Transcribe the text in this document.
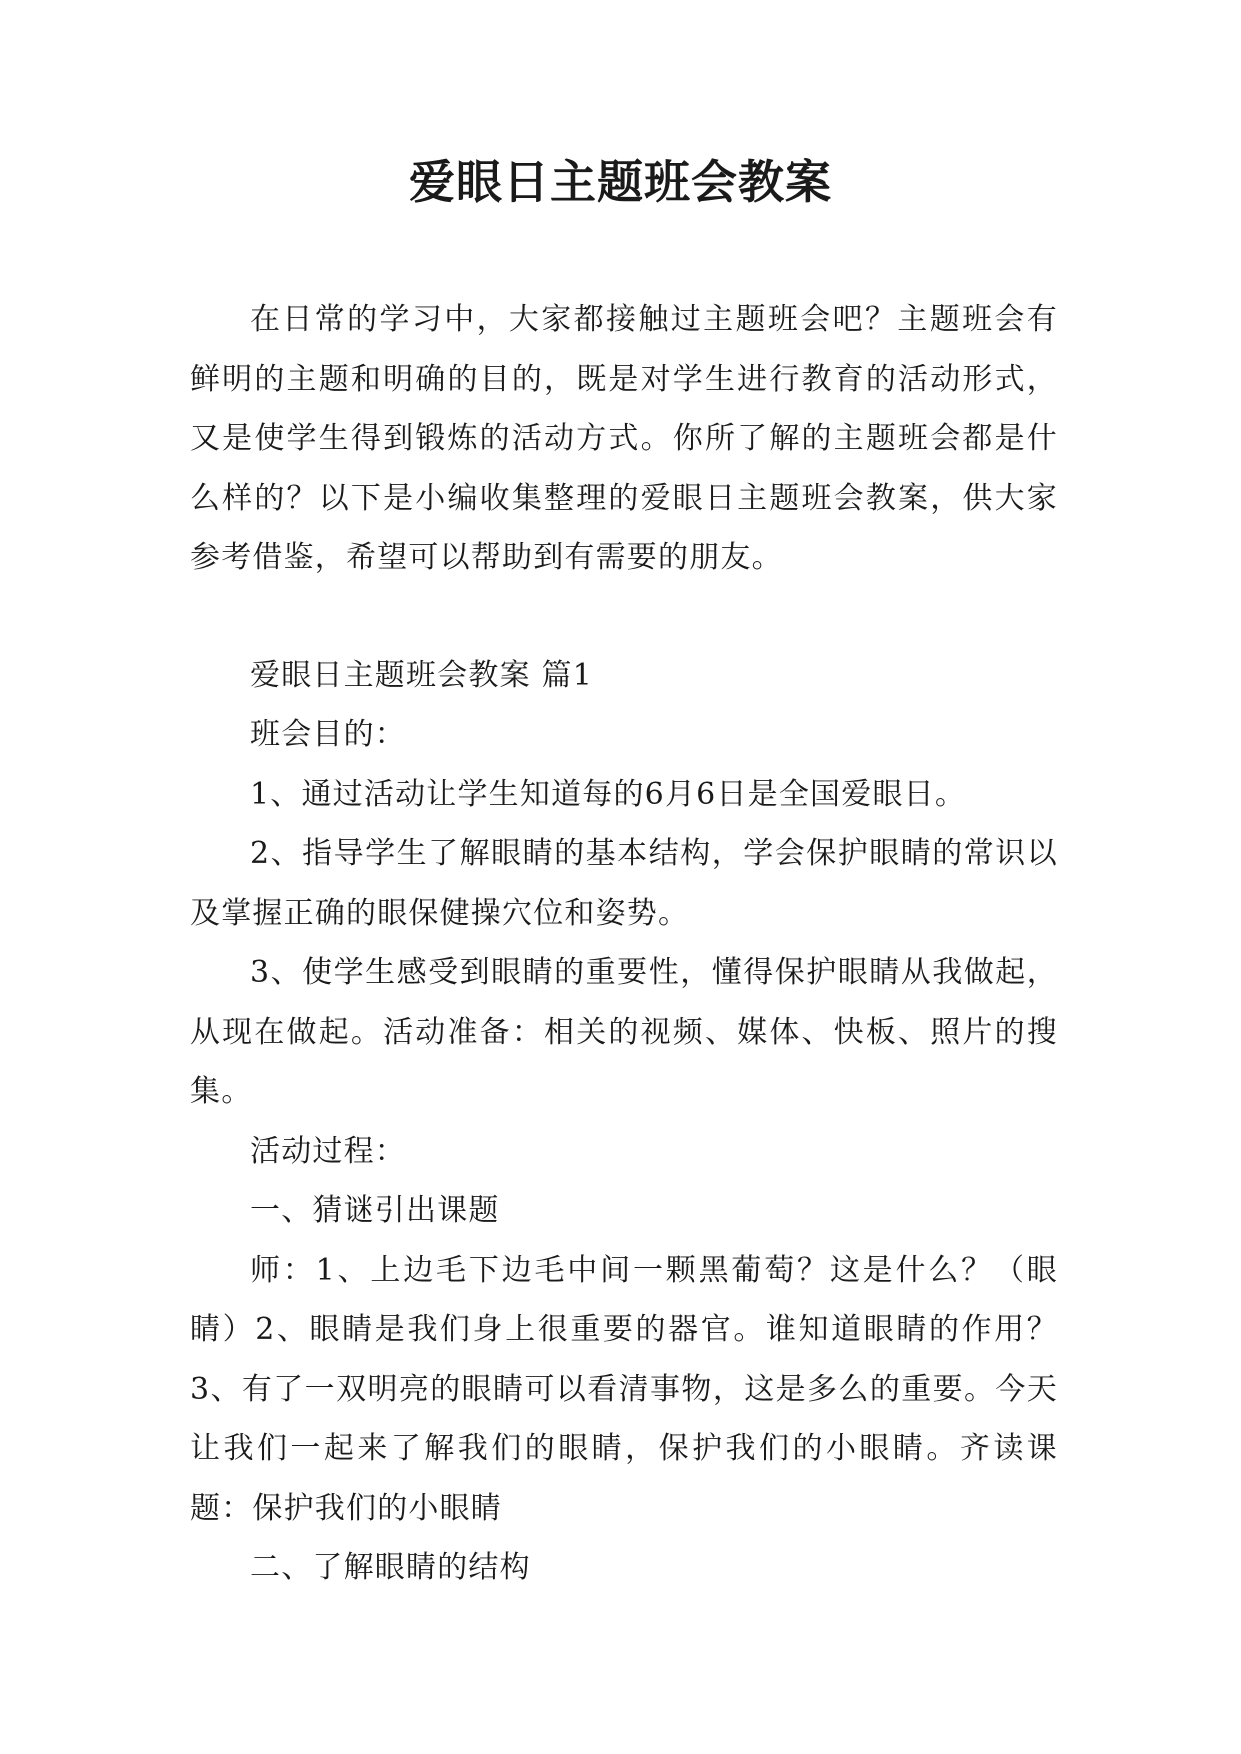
爱眼日主题班会教案

在日常的学习中，大家都接触过主题班会吧？主题班会有鲜明的主题和明确的目的，既是对学生进行教育的活动形式，又是使学生得到锻炼的活动方式。你所了解的主题班会都是什么样的？以下是小编收集整理的爱眼日主题班会教案，供大家参考借鉴，希望可以帮助到有需要的朋友。

爱眼日主题班会教案 篇1

班会目的：

1、通过活动让学生知道每的6月6日是全国爱眼日。

2、指导学生了解眼睛的基本结构，学会保护眼睛的常识以及掌握正确的眼保健操穴位和姿势。

3、使学生感受到眼睛的重要性，懂得保护眼睛从我做起，从现在做起。活动准备：相关的视频、媒体、快板、照片的搜集。

活动过程：

一、猜谜引出课题

师：1、上边毛下边毛中间一颗黑葡萄？这是什么？（眼睛）2、眼睛是我们身上很重要的器官。谁知道眼睛的作用？3、有了一双明亮的眼睛可以看清事物，这是多么的重要。今天让我们一起来了解我们的眼睛，保护我们的小眼睛。齐读课题：保护我们的小眼睛

二、了解眼睛的结构
